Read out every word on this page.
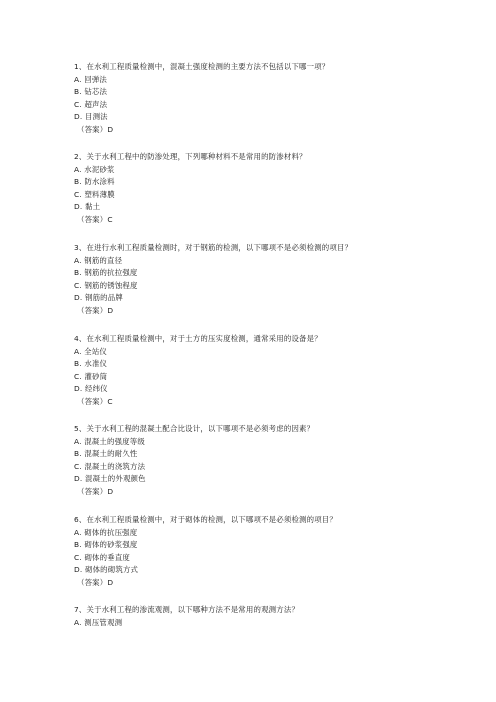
1、在水利工程质量检测中，混凝土强度检测的主要方法不包括以下哪一项？
A. 回弹法
B. 钻芯法
C. 超声法
D. 目测法
（答案）D
2、关于水利工程中的防渗处理，下列哪种材料不是常用的防渗材料？
A. 水泥砂浆
B. 防水涂料
C. 塑料薄膜
D. 黏土
（答案）C
3、在进行水利工程质量检测时，对于钢筋的检测，以下哪项不是必须检测的项目？
A. 钢筋的直径
B. 钢筋的抗拉强度
C. 钢筋的锈蚀程度
D. 钢筋的品牌
（答案）D
4、在水利工程质量检测中，对于土方的压实度检测，通常采用的设备是？
A. 全站仪
B. 水准仪
C. 灌砂筒
D. 经纬仪
（答案）C
5、关于水利工程的混凝土配合比设计，以下哪项不是必须考虑的因素？
A. 混凝土的强度等级
B. 混凝土的耐久性
C. 混凝土的浇筑方法
D. 混凝土的外观颜色
（答案）D
6、在水利工程质量检测中，对于砌体的检测，以下哪项不是必须检测的项目？
A. 砌体的抗压强度
B. 砌体的砂浆强度
C. 砌体的垂直度
D. 砌体的砌筑方式
（答案）D
7、关于水利工程的渗流观测，以下哪种方法不是常用的观测方法？
A. 测压管观测
